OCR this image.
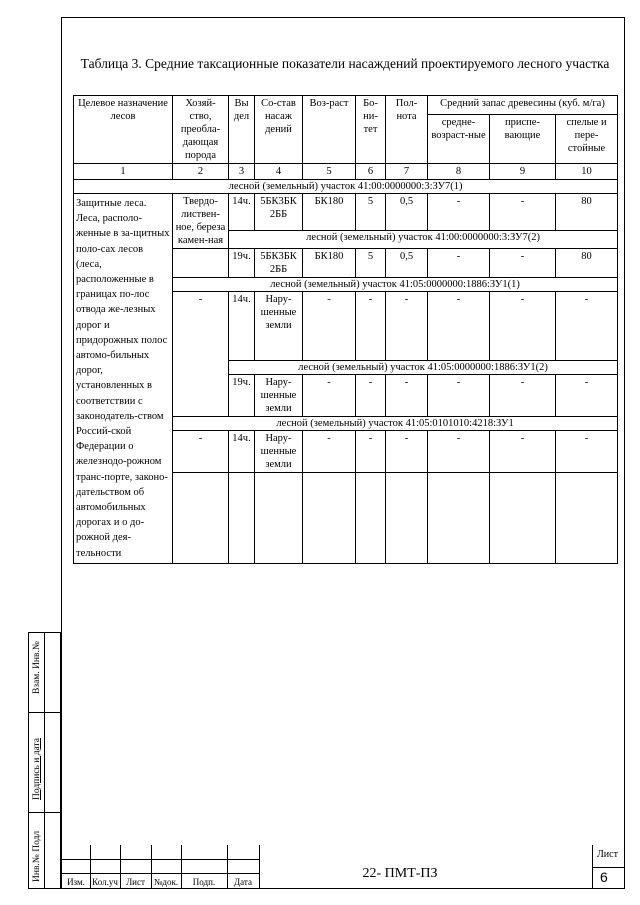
Таблица 3. Средние таксационные показатели насаждений проектируемого лесного участка
Целевое назначение лесов	Хозяй-ство, преобла-дающая порода	Вы дел	Со-став насаж дений	Воз-раст	Бо-ни-тет	Пол-нота	Средний запас древесины (куб. м/га)		
							средне-возраст-ные	приспе-вающие	спелые и пере-стойные
1	2	3	4	5	6	7	8	9	10
лесной (земельный) участок 41:00:0000000:3:ЗУ7(1)									
Защитные леса. Леса, располо-женные в за-щитных поло-сах лесов (леса, расположенные в границах по-лос отвода же-лезных дорог и придорожных полос автомо-бильных дорог, установленных в соответствии с законодатель-ством Россий-ской Федерации о железнодо-рожном транс-порте, законо-дательством об автомобильных дорогах и о до-рожной дея-тельности	Твердо-листвен-ное, береза камен-ная	14ч.	5БК3БК 2ББ	БК180	5	0,5	-	-	80
		лесной (земельный) участок 41:00:0000000:3:ЗУ7(2)							
		19ч.	5БК3БК 2ББ	БК180	5	0,5	-	-	80
	лесной (земельный) участок 41:05:0000000:1886:ЗУ1(1)								
	-	14ч.	Нару-шенные земли	-	-	-	-	-	-
		лесной (земельный) участок 41:05:0000000:1886:ЗУ1(2)							
		19ч.	Нару-шенные земли	-	-	-	-	-	-
	лесной (земельный) участок 41:05:0101010:4218:ЗУ1								
	-	14ч.	Нару-шенные земли	-	-	-	-	-	-

Взам. Инв.№
Подпись и дата
Инв.№ Подл	Изм. Кол.уч Лист №док.	Подп.	Дата
22- ПМТ-ПЗ
Лист
6
